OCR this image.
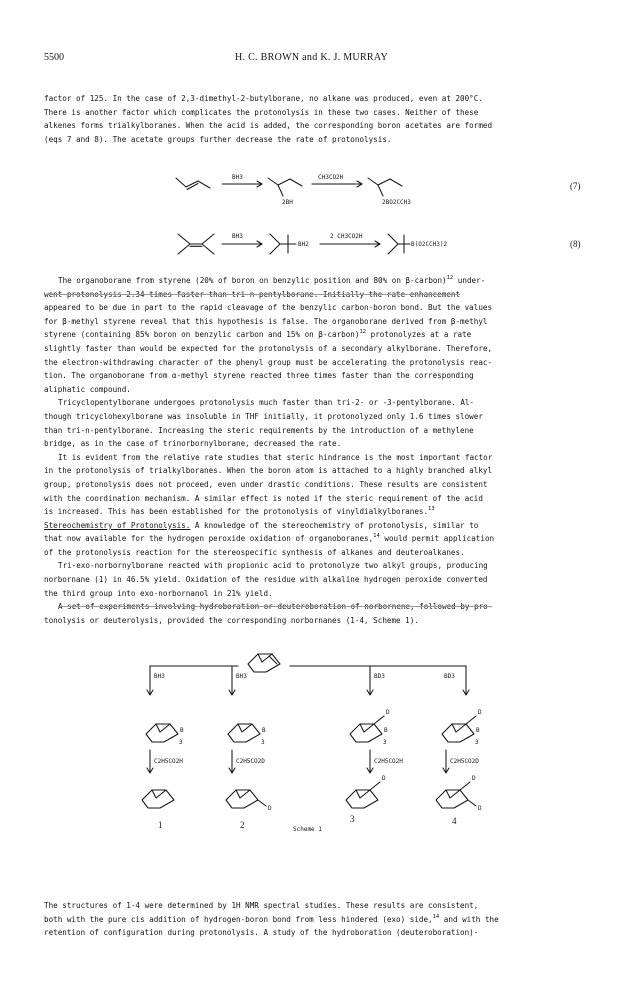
5500	H. C. BROWN and K. J. MURRAY

factor of 125. In the case of 2,3-dimethyl-2-butylborane, no alkane was produced, even at 200°C.

There is another factor which complicates the protonolysis in these two cases. Neither of these

alkenes forms trialkylboranes. When the acid is added, the corresponding boron acetates are formed

(eqs 7 and 8). The acetate groups further decrease the rate of protonolysis.

BH3
2BH
CH3CO2H
2BO2CCH3
(7)
BH3
BH2
2 CH3CO2H
B(O2CCH3)2	(8)

The organoborane from styrene (20% of boron on benzylic position and 80% on β-carbon)$^{12}$ under-

went protonolysis 2.34 times faster than tri-n-pentylborane. Initially the rate enhancement

appeared to be due in part to the rapid cleavage of the benzylic carbon-boron bond. But the values

for β-methyl styrene reveal that this hypothesis is false. The organoborane derived from β-methyl

styrene (containing 85% boron on benzylic carbon and 15% on β-carbon)$^{12}$ protonolyzes at a rate

slightly faster than would be expected for the protonolysis of a secondary alkylborane. Therefore,

the electron-withdrawing character of the phenyl group must be accelerating the protonolysis reac-

tion. The organoborane from α-methyl styrene reacted three times faster than the corresponding

aliphatic compound.

Tricyclopentylborane undergoes protonolysis much faster than tri-2- or -3-pentylborane. Al-

though tricyclohexylborane was insoluble in THF initially, it protonolyzed only 1.6 times slower

than tri-n-pentylborane. Increasing the steric requirements by the introduction of a methylene

bridge, as in the case of trinorbornylborane, decreased the rate.

It is evident from the relative rate studies that steric hindrance is the most important factor

in the protonolysis of trialkylboranes. When the boron atom is attached to a highly branched alkyl

group, protonolysis does not proceed, even under drastic conditions. These results are consistent

with the coordination mechanism. A similar effect is noted if the steric requirement of the acid

is increased. This has been established for the protonolysis of vinyldialkylboranes.$^{13}$

Stereochemistry of Protonolysis. A knowledge of the stereochemistry of protonolysis, similar to

that now available for the hydrogen peroxide oxidation of organoboranes,$^{14}$ would permit application

of the protonolysis reaction for the stereospecific synthesis of alkanes and deuteroalkanes.

Tri-exo-norbornylborane reacted with propionic acid to protonolyze two alkyl groups, producing

norbornane (1) in 46.5% yield. Oxidation of the residue with alkaline hydrogen peroxide converted

the third group into exo-norbornanol in 21% yield.

A set of experiments involving hydroboration or deuteroboration of norbornene, followed by pro-

tonolysis or deuterolysis, provided the corresponding norbornanes (1-4, Scheme 1).

BH3	BH3	BD3	BD3
B
3
B
3
D
B
3
D
B
3
C2H5CO2H	C2H5CO2D	C2H5CO2H	C2H5CO2D
D
D	D
D
1	2
3	4
Scheme 1

The structures of 1-4 were determined by 1H NMR spectral studies. These results are consistent,

both with the pure cis addition of hydrogen-boron bond from less hindered (exo) side,$^{14}$ and with the

retention of configuration during protonolysis. A study of the hydroboration (deuteroboration)-
